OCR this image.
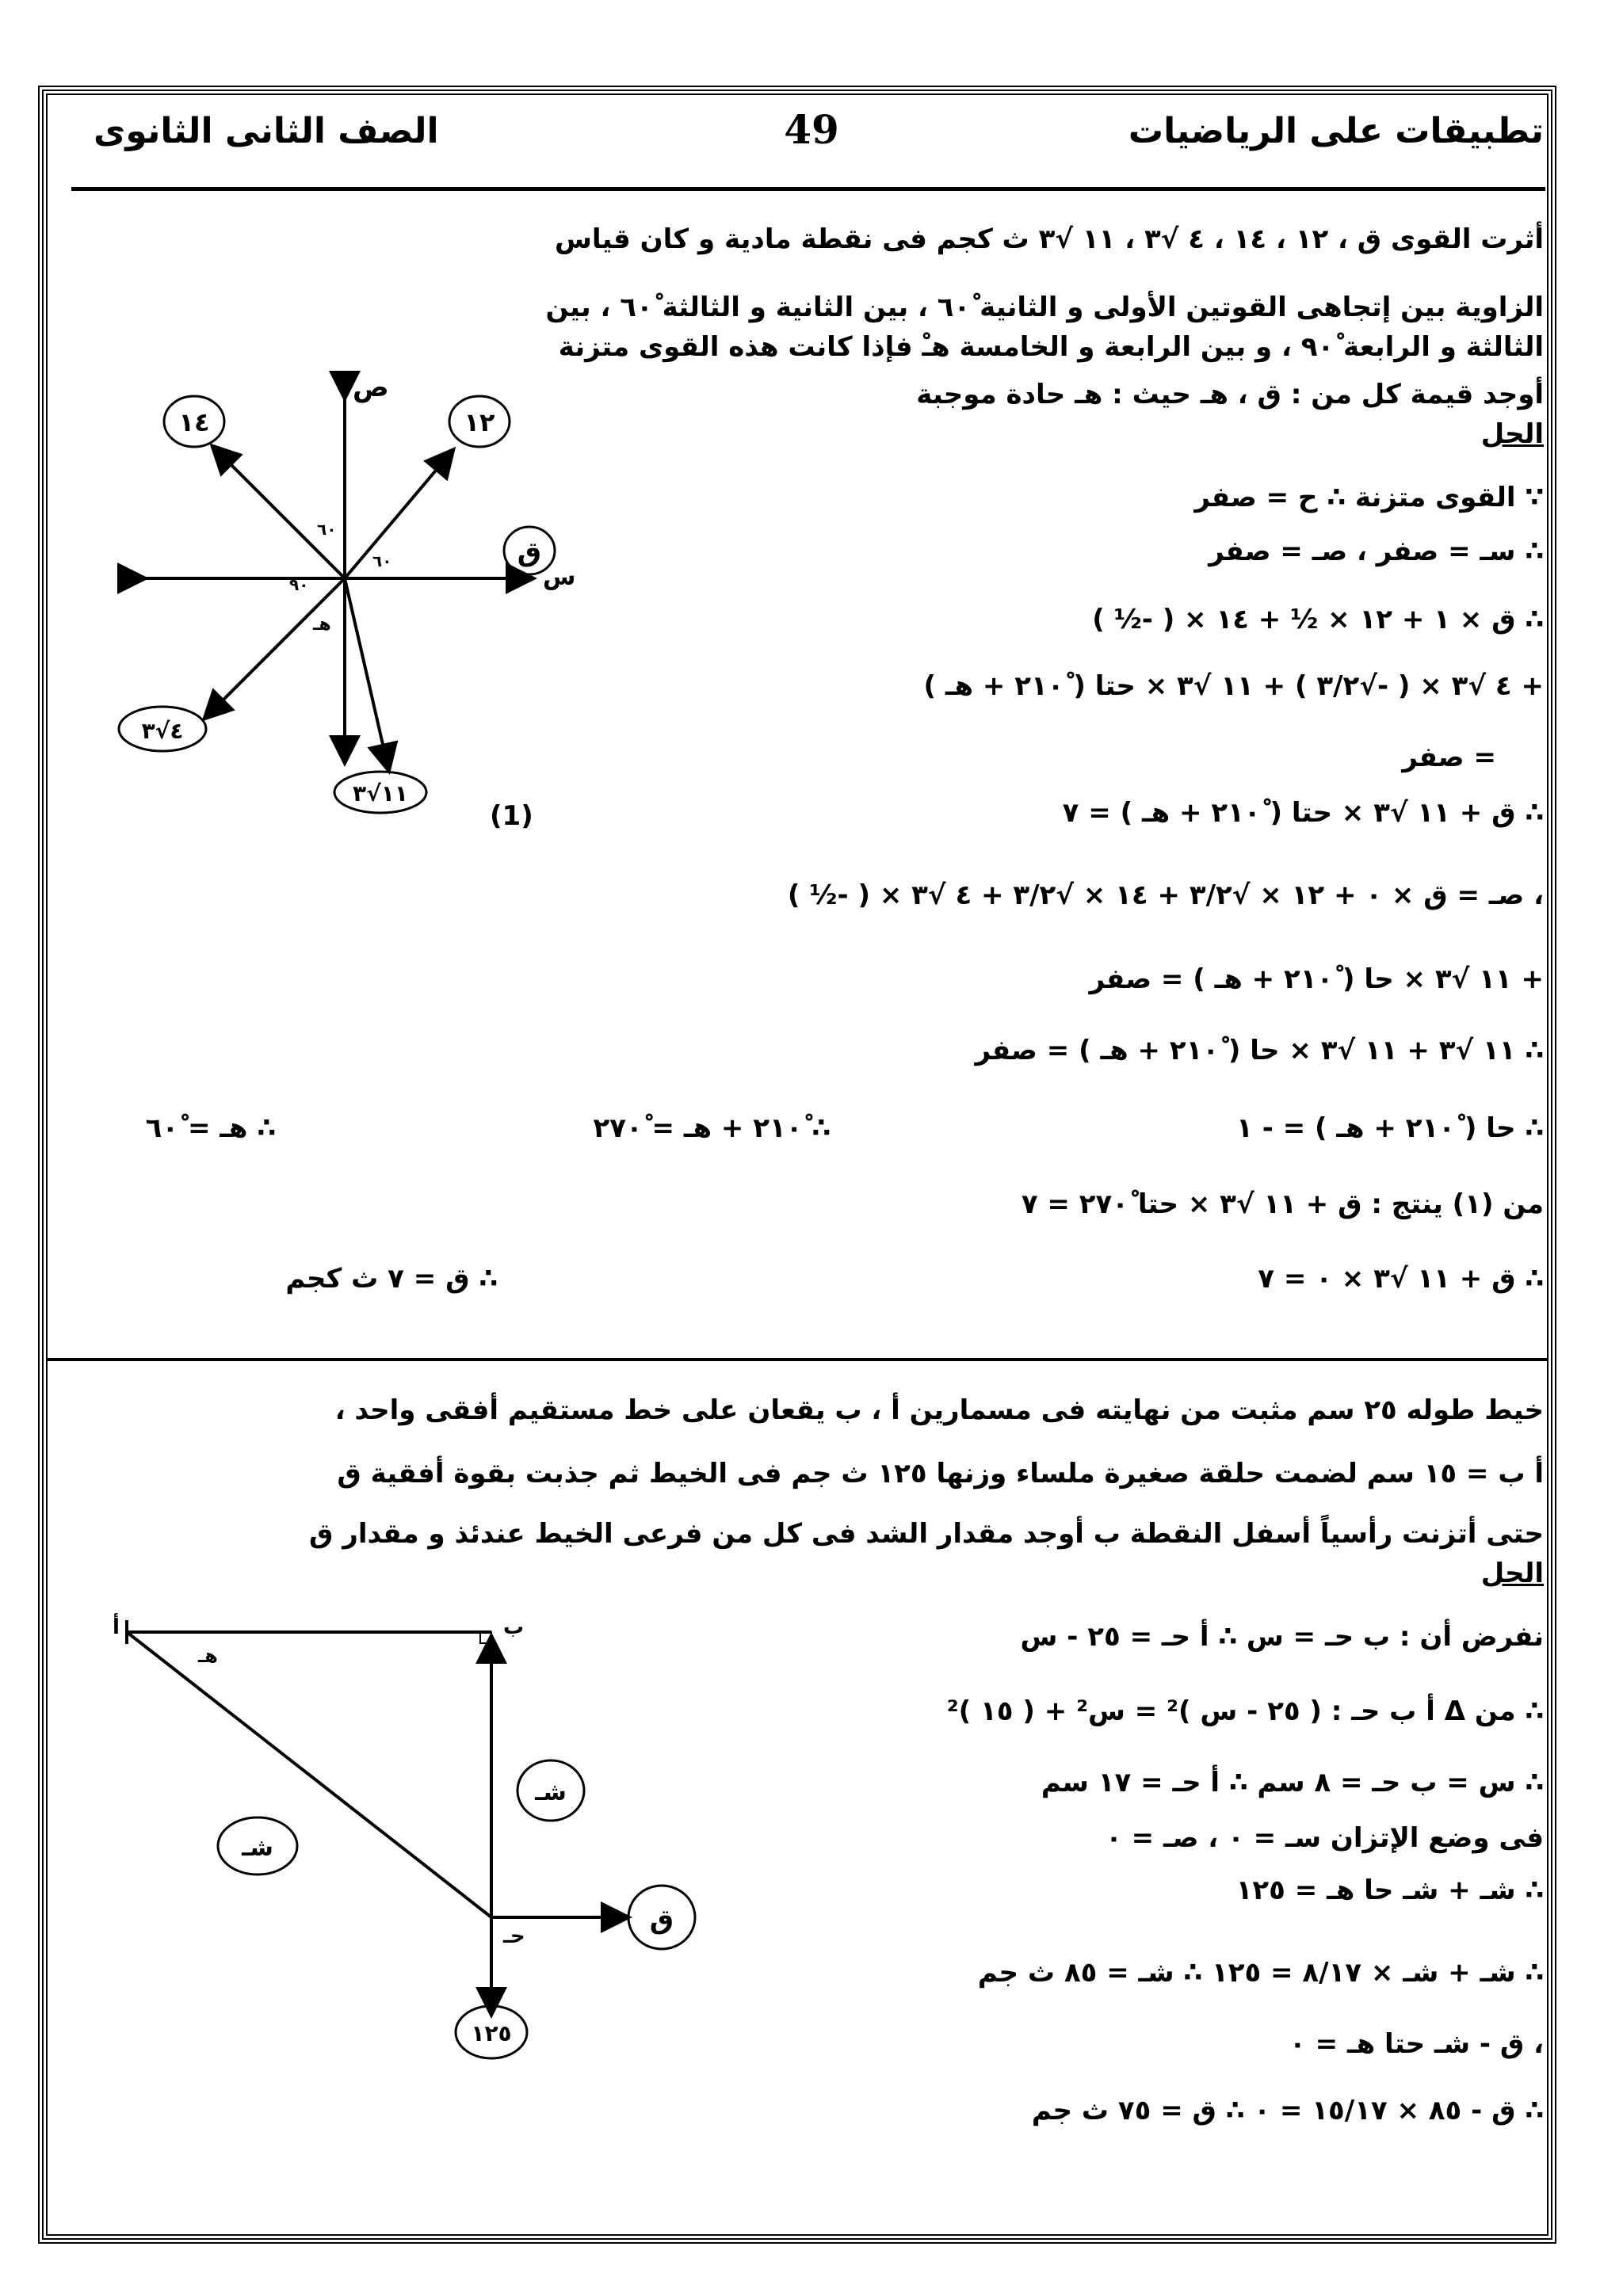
تطبيقات على الرياضيات
49
الصف الثانى الثانوى
أثرت القوى ق ، ١٢ ، ١٤ ، ٤ √٣ ، ١١ √٣ ث كجم فى نقطة مادية و كان قياس
الزاوية بين إتجاهى القوتين الأولى و الثانية ٦٠ْ ، بين الثانية و الثالثة ٦٠ْ ، بين
الثالثة و الرابعة ٩٠ْ ، و بين الرابعة و الخامسة هـْ فإذا كانت هذه القوى متزنة
أوجد قيمة كل من : ق ، هـ حيث : هـ حادة موجبة
الحل
∵ القوى متزنة ∴ ح = صفر
∴ سـ = صفر ، صـ = صفر
∴ ق × ١ + ١٢ × ½ + ١٤ × ( -½ )
+ ٤ √٣ × ( -√٣/٢ ) + ١١ √٣ × حتا ( ٢١٠ْ + هـ )
= صفر
∴ ق + ١١ √٣ × حتا ( ٢١٠ْ + هـ ) = ٧
(1)
، صـ = ق × ٠ + ١٢ × √٣/٢ + ١٤ × √٣/٢ + ٤ √٣ × ( -½ )
+ ١١ √٣ × حا ( ٢١٠ْ + هـ ) = صفر
∴ ١١ √٣ + ١١ √٣ × حا ( ٢١٠ْ + هـ ) = صفر
∴ حا ( ٢١٠ْ + هـ ) = - ١
∴ ٢١٠ْ + هـ = ٢٧٠ْ
∴ هـ = ٦٠ْ
من (١) ينتج : ق + ١١ √٣ × حتا ٢٧٠ْ = ٧
∴ ق + ١١ √٣ × ٠ = ٧
∴ ق = ٧ ث كجم
١٤	١٢
ص
ق
س
٤√٣
١١√٣
٦٠
٦٠
٩٠
هـ
خيط طوله ٢٥ سم مثبت من نهايته فى مسمارين أ ، ب يقعان على خط مستقيم أفقى واحد ،
أ ب = ١٥ سم لضمت حلقة صغيرة ملساء وزنها ١٢٥ ث جم فى الخيط ثم جذبت بقوة أفقية ق
حتى أتزنت رأسياً أسفل النقطة ب أوجد مقدار الشد فى كل من فرعى الخيط عندئذ و مقدار ق
الحل
نفرض أن : ب حـ = س ∴ أ حـ = ٢٥ - س
∴ من Δ أ ب حـ : ( ٢٥ - س )² = س² + ( ١٥ )²
∴ س = ب حـ = ٨ سم ∴ أ حـ = ١٧ سم
فى وضع الإتزان سـ = ٠ ، صـ = ٠
∴ شـ + شـ حا هـ = ١٢٥
∴ شـ + شـ × ٨/١٧ = ١٢٥ ∴ شـ = ٨٥ ث جم
، ق - شـ حتا هـ = ٠
∴ ق - ٨٥ × ١٥/١٧ = ٠ ∴ ق = ٧٥ ث جم
ب
أ
حـ
هـ
شـ
شـ
ق
١٢٥
